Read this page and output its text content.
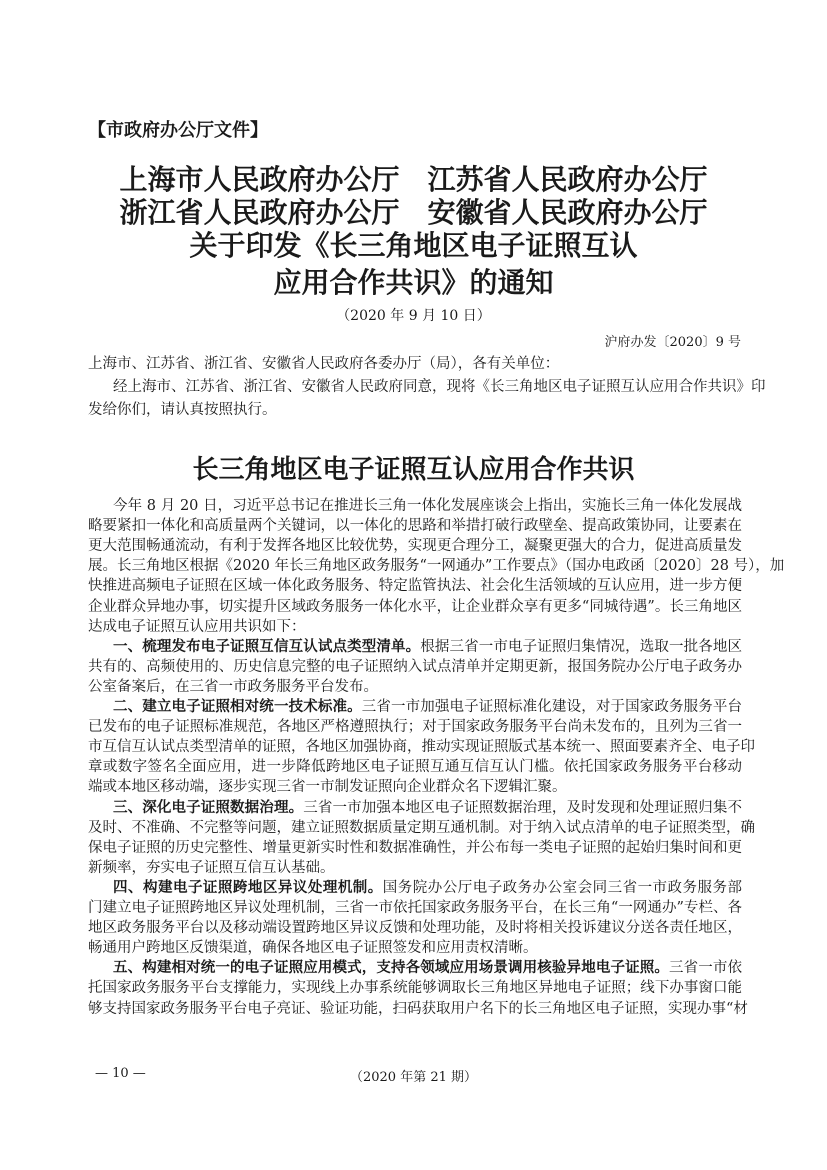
【市政府办公厅文件】
上海市人民政府办公厅　江苏省人民政府办公厅
浙江省人民政府办公厅　安徽省人民政府办公厅
关于印发《长三角地区电子证照互认
应用合作共识》的通知
（2020 年 9 月 10 日）
沪府办发〔2020〕9 号
上海市、江苏省、浙江省、安徽省人民政府各委办厅（局），各有关单位：
经上海市、江苏省、浙江省、安徽省人民政府同意，现将《长三角地区电子证照互认应用合作共识》印
发给你们，请认真按照执行。
长三角地区电子证照互认应用合作共识
今年 8 月 20 日，习近平总书记在推进长三角一体化发展座谈会上指出，实施长三角一体化发展战
略要紧扣一体化和高质量两个关键词，以一体化的思路和举措打破行政壁垒、提高政策协同，让要素在
更大范围畅通流动，有利于发挥各地区比较优势，实现更合理分工，凝聚更强大的合力，促进高质量发
展。长三角地区根据《2020 年长三角地区政务服务“一网通办”工作要点》（国办电政函〔2020〕28 号），加
快推进高频电子证照在区域一体化政务服务、特定监管执法、社会化生活领域的互认应用，进一步方便
企业群众异地办事，切实提升区域政务服务一体化水平，让企业群众享有更多“同城待遇”。长三角地区
达成电子证照互认应用共识如下：
一、梳理发布电子证照互信互认试点类型清单。根据三省一市电子证照归集情况，选取一批各地区
共有的、高频使用的、历史信息完整的电子证照纳入试点清单并定期更新，报国务院办公厅电子政务办
公室备案后，在三省一市政务服务平台发布。
二、建立电子证照相对统一技术标准。三省一市加强电子证照标准化建设，对于国家政务服务平台
已发布的电子证照标准规范，各地区严格遵照执行；对于国家政务服务平台尚未发布的，且列为三省一
市互信互认试点类型清单的证照，各地区加强协商，推动实现证照版式基本统一、照面要素齐全、电子印
章或数字签名全面应用，进一步降低跨地区电子证照互通互信互认门槛。依托国家政务服务平台移动
端或本地区移动端，逐步实现三省一市制发证照向企业群众名下逻辑汇聚。
三、深化电子证照数据治理。三省一市加强本地区电子证照数据治理，及时发现和处理证照归集不
及时、不准确、不完整等问题，建立证照数据质量定期互通机制。对于纳入试点清单的电子证照类型，确
保电子证照的历史完整性、增量更新实时性和数据准确性，并公布每一类电子证照的起始归集时间和更
新频率，夯实电子证照互信互认基础。
四、构建电子证照跨地区异议处理机制。国务院办公厅电子政务办公室会同三省一市政务服务部
门建立电子证照跨地区异议处理机制，三省一市依托国家政务服务平台，在长三角“一网通办”专栏、各
地区政务服务平台以及移动端设置跨地区异议反馈和处理功能，及时将相关投诉建议分送各责任地区，
畅通用户跨地区反馈渠道，确保各地区电子证照签发和应用责权清晰。
五、构建相对统一的电子证照应用模式，支持各领域应用场景调用核验异地电子证照。三省一市依
托国家政务服务平台支撑能力，实现线上办事系统能够调取长三角地区异地电子证照；线下办事窗口能
够支持国家政务服务平台电子亮证、验证功能，扫码获取用户名下的长三角地区电子证照，实现办事“材
— 10 —	（2020 年第 21 期）
